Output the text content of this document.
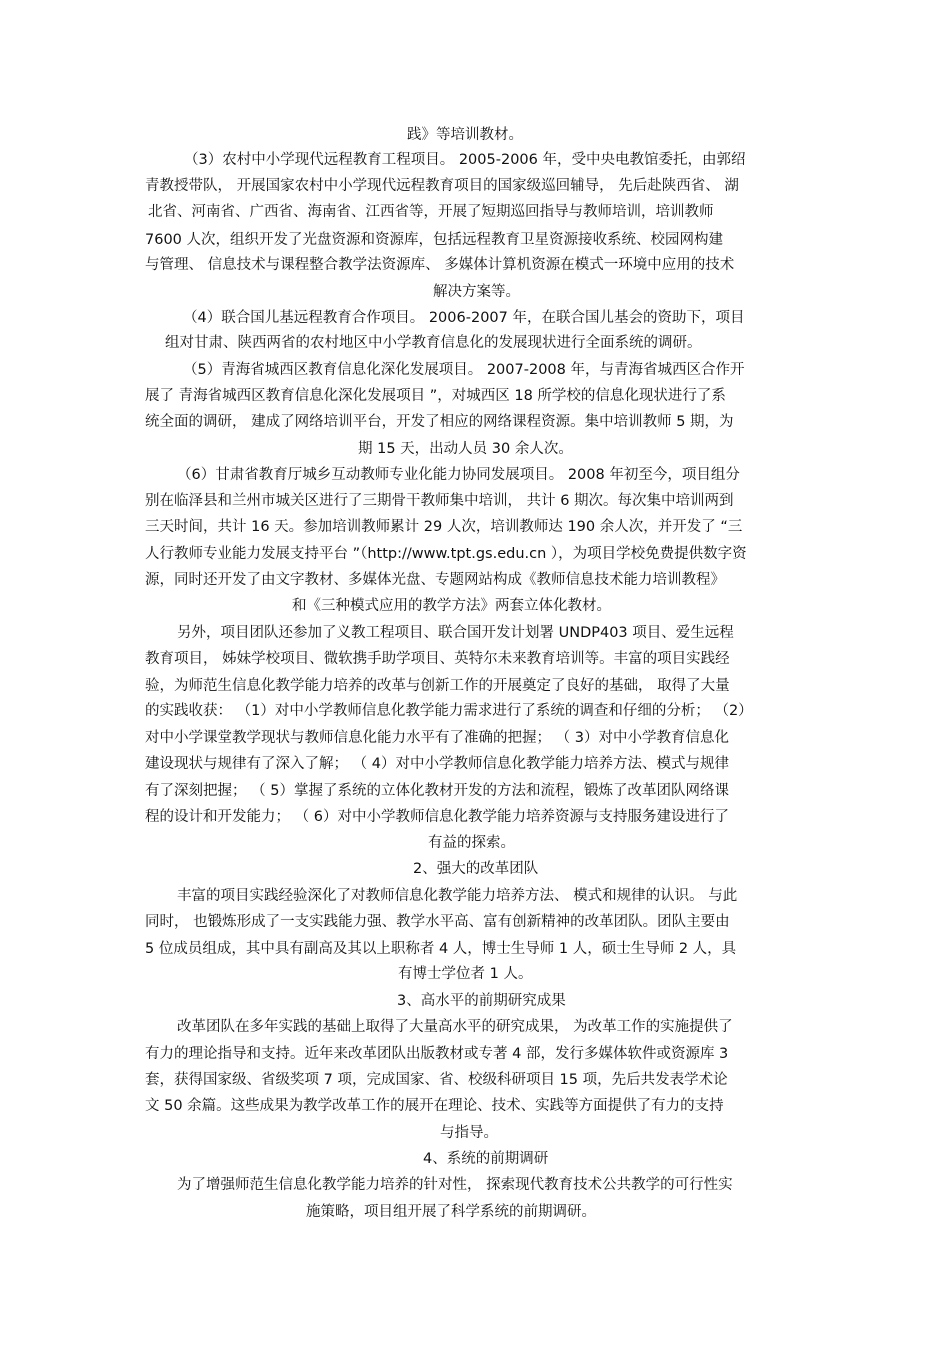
践》等培训教材。
（3）农村中小学现代远程教育工程项目。 2005-2006 年，受中央电教馆委托，由郭绍
青教授带队， 开展国家农村中小学现代远程教育项目的国家级巡回辅导， 先后赴陕西省、 湖
北省、河南省、广西省、海南省、江西省等，开展了短期巡回指导与教师培训，培训教师
7600 人次，组织开发了光盘资源和资源库，包括远程教育卫星资源接收系统、校园网构建
与管理、 信息技术与课程整合教学法资源库、 多媒体计算机资源在模式一环境中应用的技术
解决方案等。
（4）联合国儿基远程教育合作项目。 2006-2007 年，在联合国儿基会的资助下，项目
组对甘肃、陕西两省的农村地区中小学教育信息化的发展现状进行全面系统的调研。
（5）青海省城西区教育信息化深化发展项目。 2007-2008 年，与青海省城西区合作开
展了 青海省城西区教育信息化深化发展项目 ”，对城西区 18 所学校的信息化现状进行了系
统全面的调研， 建成了网络培训平台，开发了相应的网络课程资源。集中培训教师 5 期，为
期 15 天，出动人员 30 余人次。
（6）甘肃省教育厅城乡互动教师专业化能力协同发展项目。 2008 年初至今，项目组分
别在临泽县和兰州市城关区进行了三期骨干教师集中培训， 共计 6 期次。每次集中培训两到
三天时间，共计 16 天。参加培训教师累计 29 人次，培训教师达 190 余人次，并开发了 “三
人行教师专业能力发展支持平台 ”（http://www.tpt.gs.edu.cn ），为项目学校免费提供数字资
源，同时还开发了由文字教材、多媒体光盘、专题网站构成《教师信息技术能力培训教程》
和《三种模式应用的教学方法》两套立体化教材。
另外，项目团队还参加了义教工程项目、联合国开发计划署 UNDP403 项目、爱生远程
教育项目， 姊妹学校项目、微软携手助学项目、英特尔未来教育培训等。丰富的项目实践经
验，为师范生信息化教学能力培养的改革与创新工作的开展奠定了良好的基础， 取得了大量
的实践收获： （1）对中小学教师信息化教学能力需求进行了系统的调查和仔细的分析； （2）
对中小学课堂教学现状与教师信息化能力水平有了准确的把握； （ 3）对中小学教育信息化
建设现状与规律有了深入了解； （ 4）对中小学教师信息化教学能力培养方法、模式与规律
有了深刻把握； （ 5）掌握了系统的立体化教材开发的方法和流程，锻炼了改革团队网络课
程的设计和开发能力； （ 6）对中小学教师信息化教学能力培养资源与支持服务建设进行了
有益的探索。
2、强大的改革团队
丰富的项目实践经验深化了对教师信息化教学能力培养方法、 模式和规律的认识。 与此
同时， 也锻炼形成了一支实践能力强、教学水平高、富有创新精神的改革团队。团队主要由
5 位成员组成，其中具有副高及其以上职称者 4 人，博士生导师 1 人，硕士生导师 2 人，具
有博士学位者 1 人。
3、高水平的前期研究成果
改革团队在多年实践的基础上取得了大量高水平的研究成果， 为改革工作的实施提供了
有力的理论指导和支持。近年来改革团队出版教材或专著 4 部，发行多媒体软件或资源库 3
套，获得国家级、省级奖项 7 项，完成国家、省、校级科研项目 15 项，先后共发表学术论
文 50 余篇。这些成果为教学改革工作的展开在理论、技术、实践等方面提供了有力的支持
与指导。
4、系统的前期调研
为了增强师范生信息化教学能力培养的针对性， 探索现代教育技术公共教学的可行性实
施策略，项目组开展了科学系统的前期调研。
